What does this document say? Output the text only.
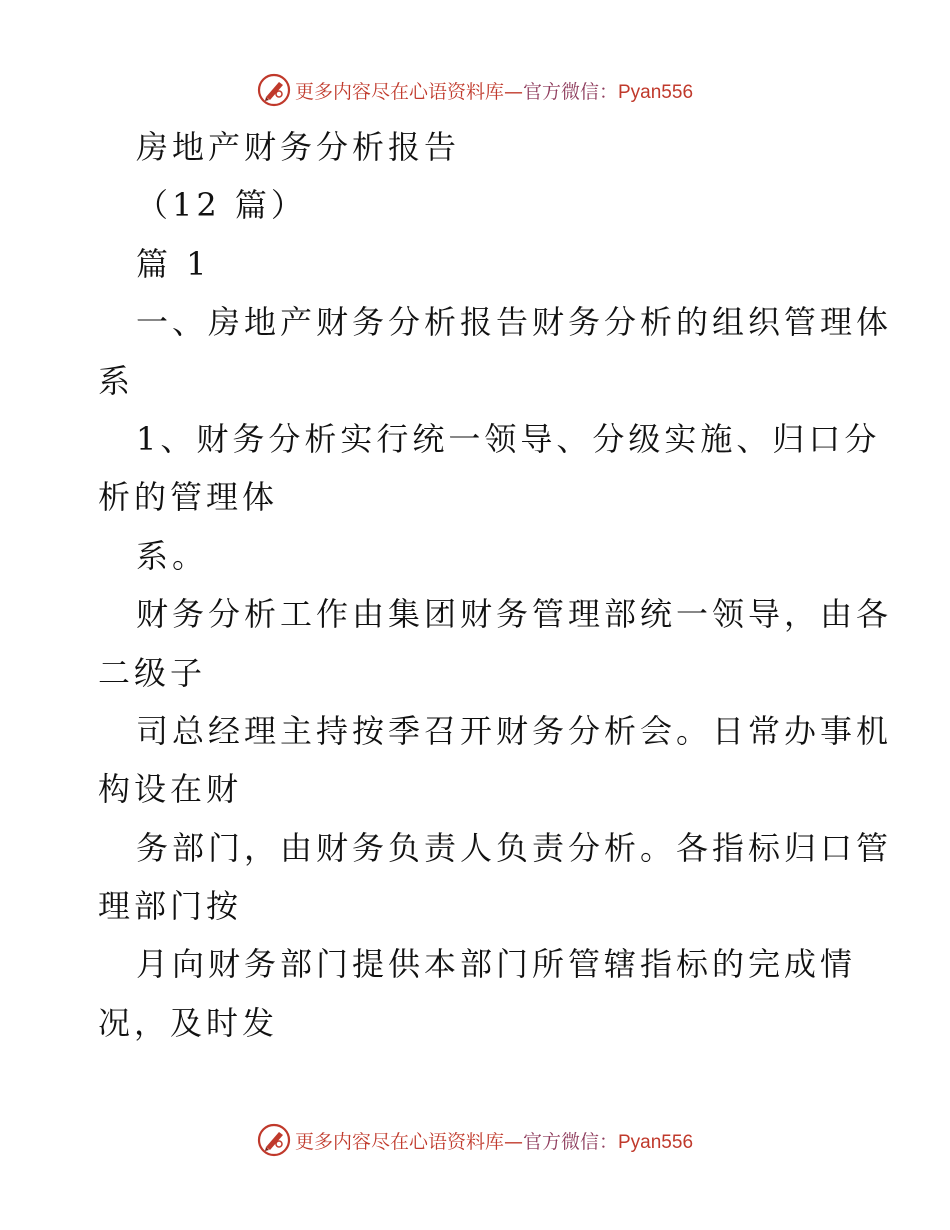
更多内容尽在心语资料库—官方微信：Pyan556
房地产财务分析报告
（12 篇）
篇 1
一、房地产财务分析报告财务分析的组织管理体
系
1、财务分析实行统一领导、分级实施、归口分
析的管理体
系。
财务分析工作由集团财务管理部统一领导，由各
二级子
司总经理主持按季召开财务分析会。日常办事机
构设在财
务部门，由财务负责人负责分析。各指标归口管
理部门按
月向财务部门提供本部门所管辖指标的完成情
况，及时发
更多内容尽在心语资料库—官方微信：Pyan556
